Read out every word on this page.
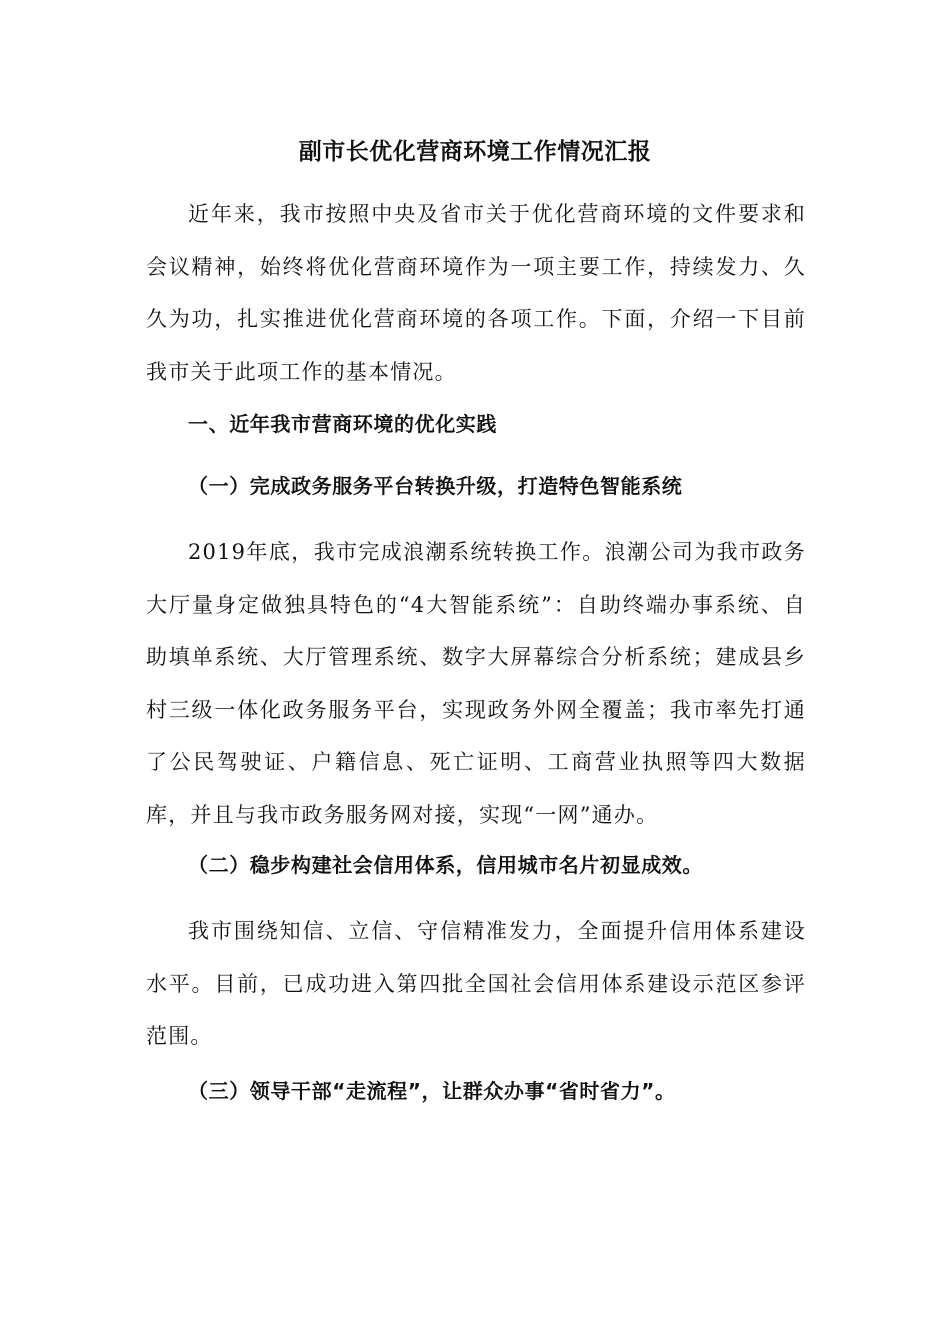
副市长优化营商环境工作情况汇报

近年来，我市按照中央及省市关于优化营商环境的文件要求和会议精神，始终将优化营商环境作为一项主要工作，持续发力、久久为功，扎实推进优化营商环境的各项工作。下面，介绍一下目前我市关于此项工作的基本情况。

一、近年我市营商环境的优化实践
（一）完成政务服务平台转换升级，打造特色智能系统

2019年底，我市完成浪潮系统转换工作。浪潮公司为我市政务大厅量身定做独具特色的“4大智能系统”：自助终端办事系统、自助填单系统、大厅管理系统、数字大屏幕综合分析系统；建成县乡村三级一体化政务服务平台，实现政务外网全覆盖；我市率先打通了公民驾驶证、户籍信息、死亡证明、工商营业执照等四大数据库，并且与我市政务服务网对接，实现“一网”通办。

（二）稳步构建社会信用体系，信用城市名片初显成效。

我市围绕知信、立信、守信精准发力，全面提升信用体系建设水平。目前，已成功进入第四批全国社会信用体系建设示范区参评范围。

（三）领导干部“走流程”，让群众办事“省时省力”。
